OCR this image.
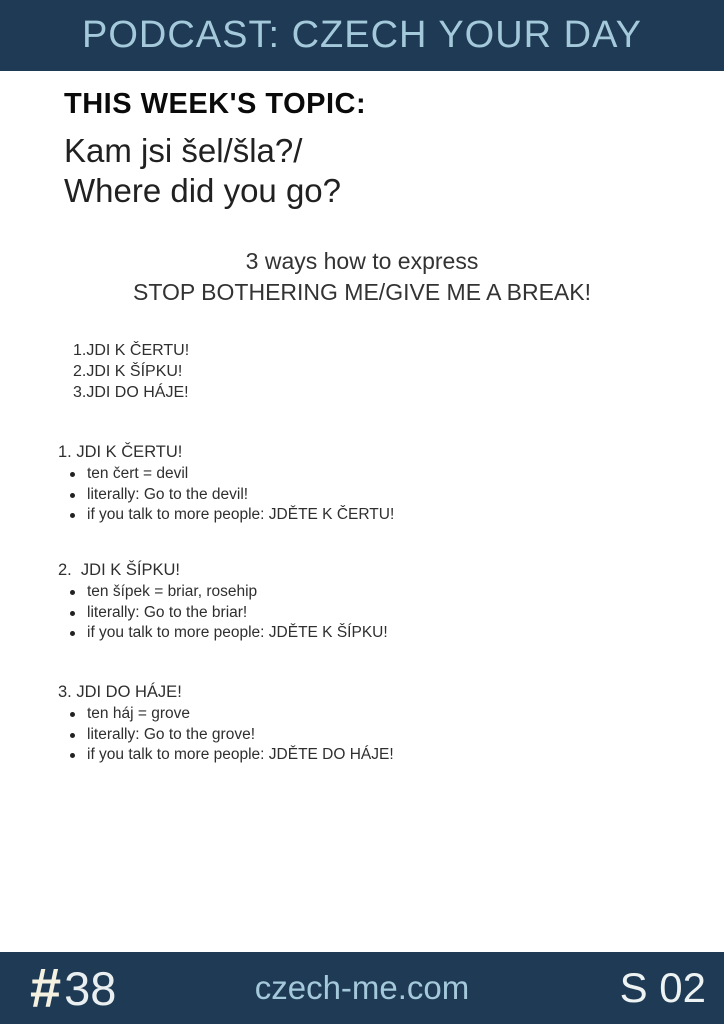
PODCAST: CZECH YOUR DAY
THIS WEEK'S TOPIC:

Kam jsi šel/šla?/

Where did you go?

3 ways how to express

STOP BOTHERING ME/GIVE ME A BREAK!

1.JDI K ČERTU!
2.JDI K ŠÍPKU!
3.JDI DO HÁJE!
1. JDI K ČERTU!
ten čert = devil
literally: Go to the devil!
if you talk to more people: JDĚTE K ČERTU!
2.  JDI K ŠÍPKU!
ten šípek = briar, rosehip
literally: Go to the briar!
if you talk to more people: JDĚTE K ŠÍPKU!
3. JDI DO HÁJE!
ten háj = grove
literally: Go to the grove!
if you talk to more people: JDĚTE DO HÁJE!
# 38	czech-me.com	S 02
